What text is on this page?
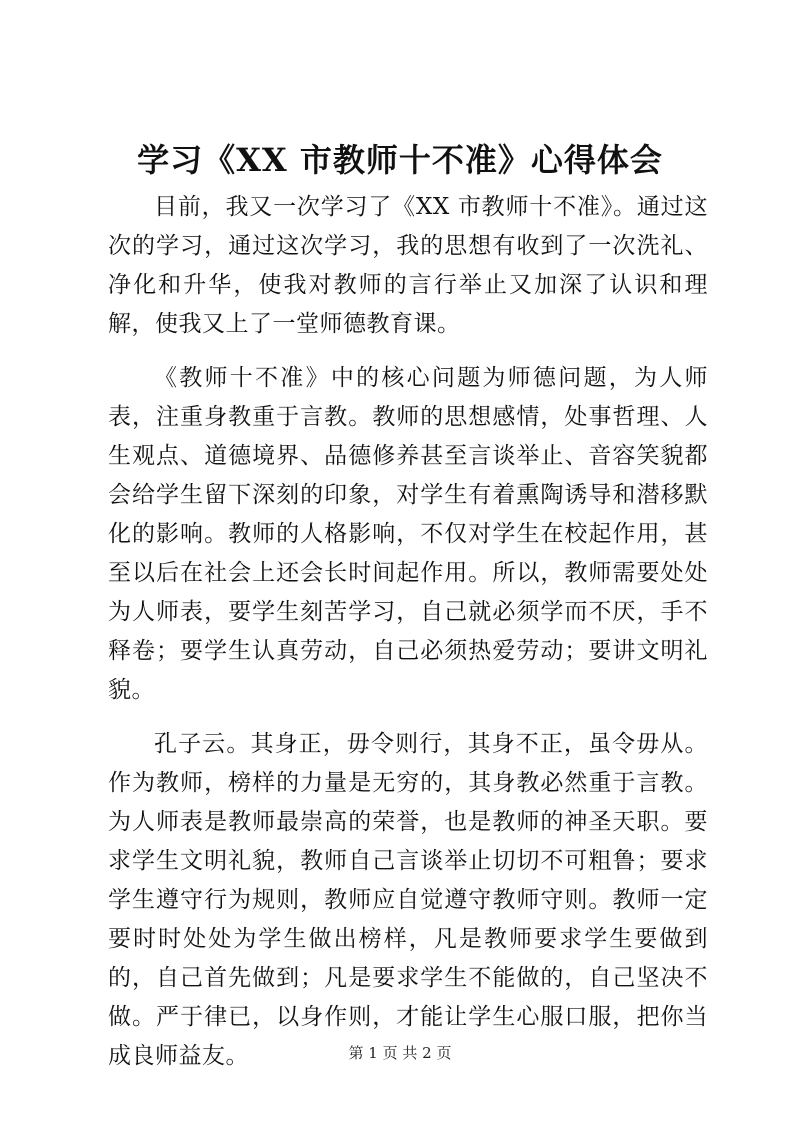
学习《XX 市教师十不准》心得体会

目前，我又一次学习了《XX 市教师十不准》。通过这次的学习，通过这次学习，我的思想有收到了一次洗礼、净化和升华，使我对教师的言行举止又加深了认识和理解，使我又上了一堂师德教育课。

《教师十不准》中的核心问题为师德问题，为人师表，注重身教重于言教。教师的思想感情，处事哲理、人生观点、道德境界、品德修养甚至言谈举止、音容笑貌都会给学生留下深刻的印象，对学生有着熏陶诱导和潜移默化的影响。教师的人格影响，不仅对学生在校起作用，甚至以后在社会上还会长时间起作用。所以，教师需要处处为人师表，要学生刻苦学习，自己就必须学而不厌，手不释卷；要学生认真劳动，自己必须热爱劳动；要讲文明礼貌。

孔子云。其身正，毋令则行，其身不正，虽令毋从。作为教师，榜样的力量是无穷的，其身教必然重于言教。为人师表是教师最崇高的荣誉，也是教师的神圣天职。要求学生文明礼貌，教师自己言谈举止切切不可粗鲁；要求学生遵守行为规则，教师应自觉遵守教师守则。教师一定要时时处处为学生做出榜样，凡是教师要求学生要做到的，自己首先做到；凡是要求学生不能做的，自己坚决不做。严于律已，以身作则，才能让学生心服口服，把你当成良师益友。	第 1 页 共 2 页
